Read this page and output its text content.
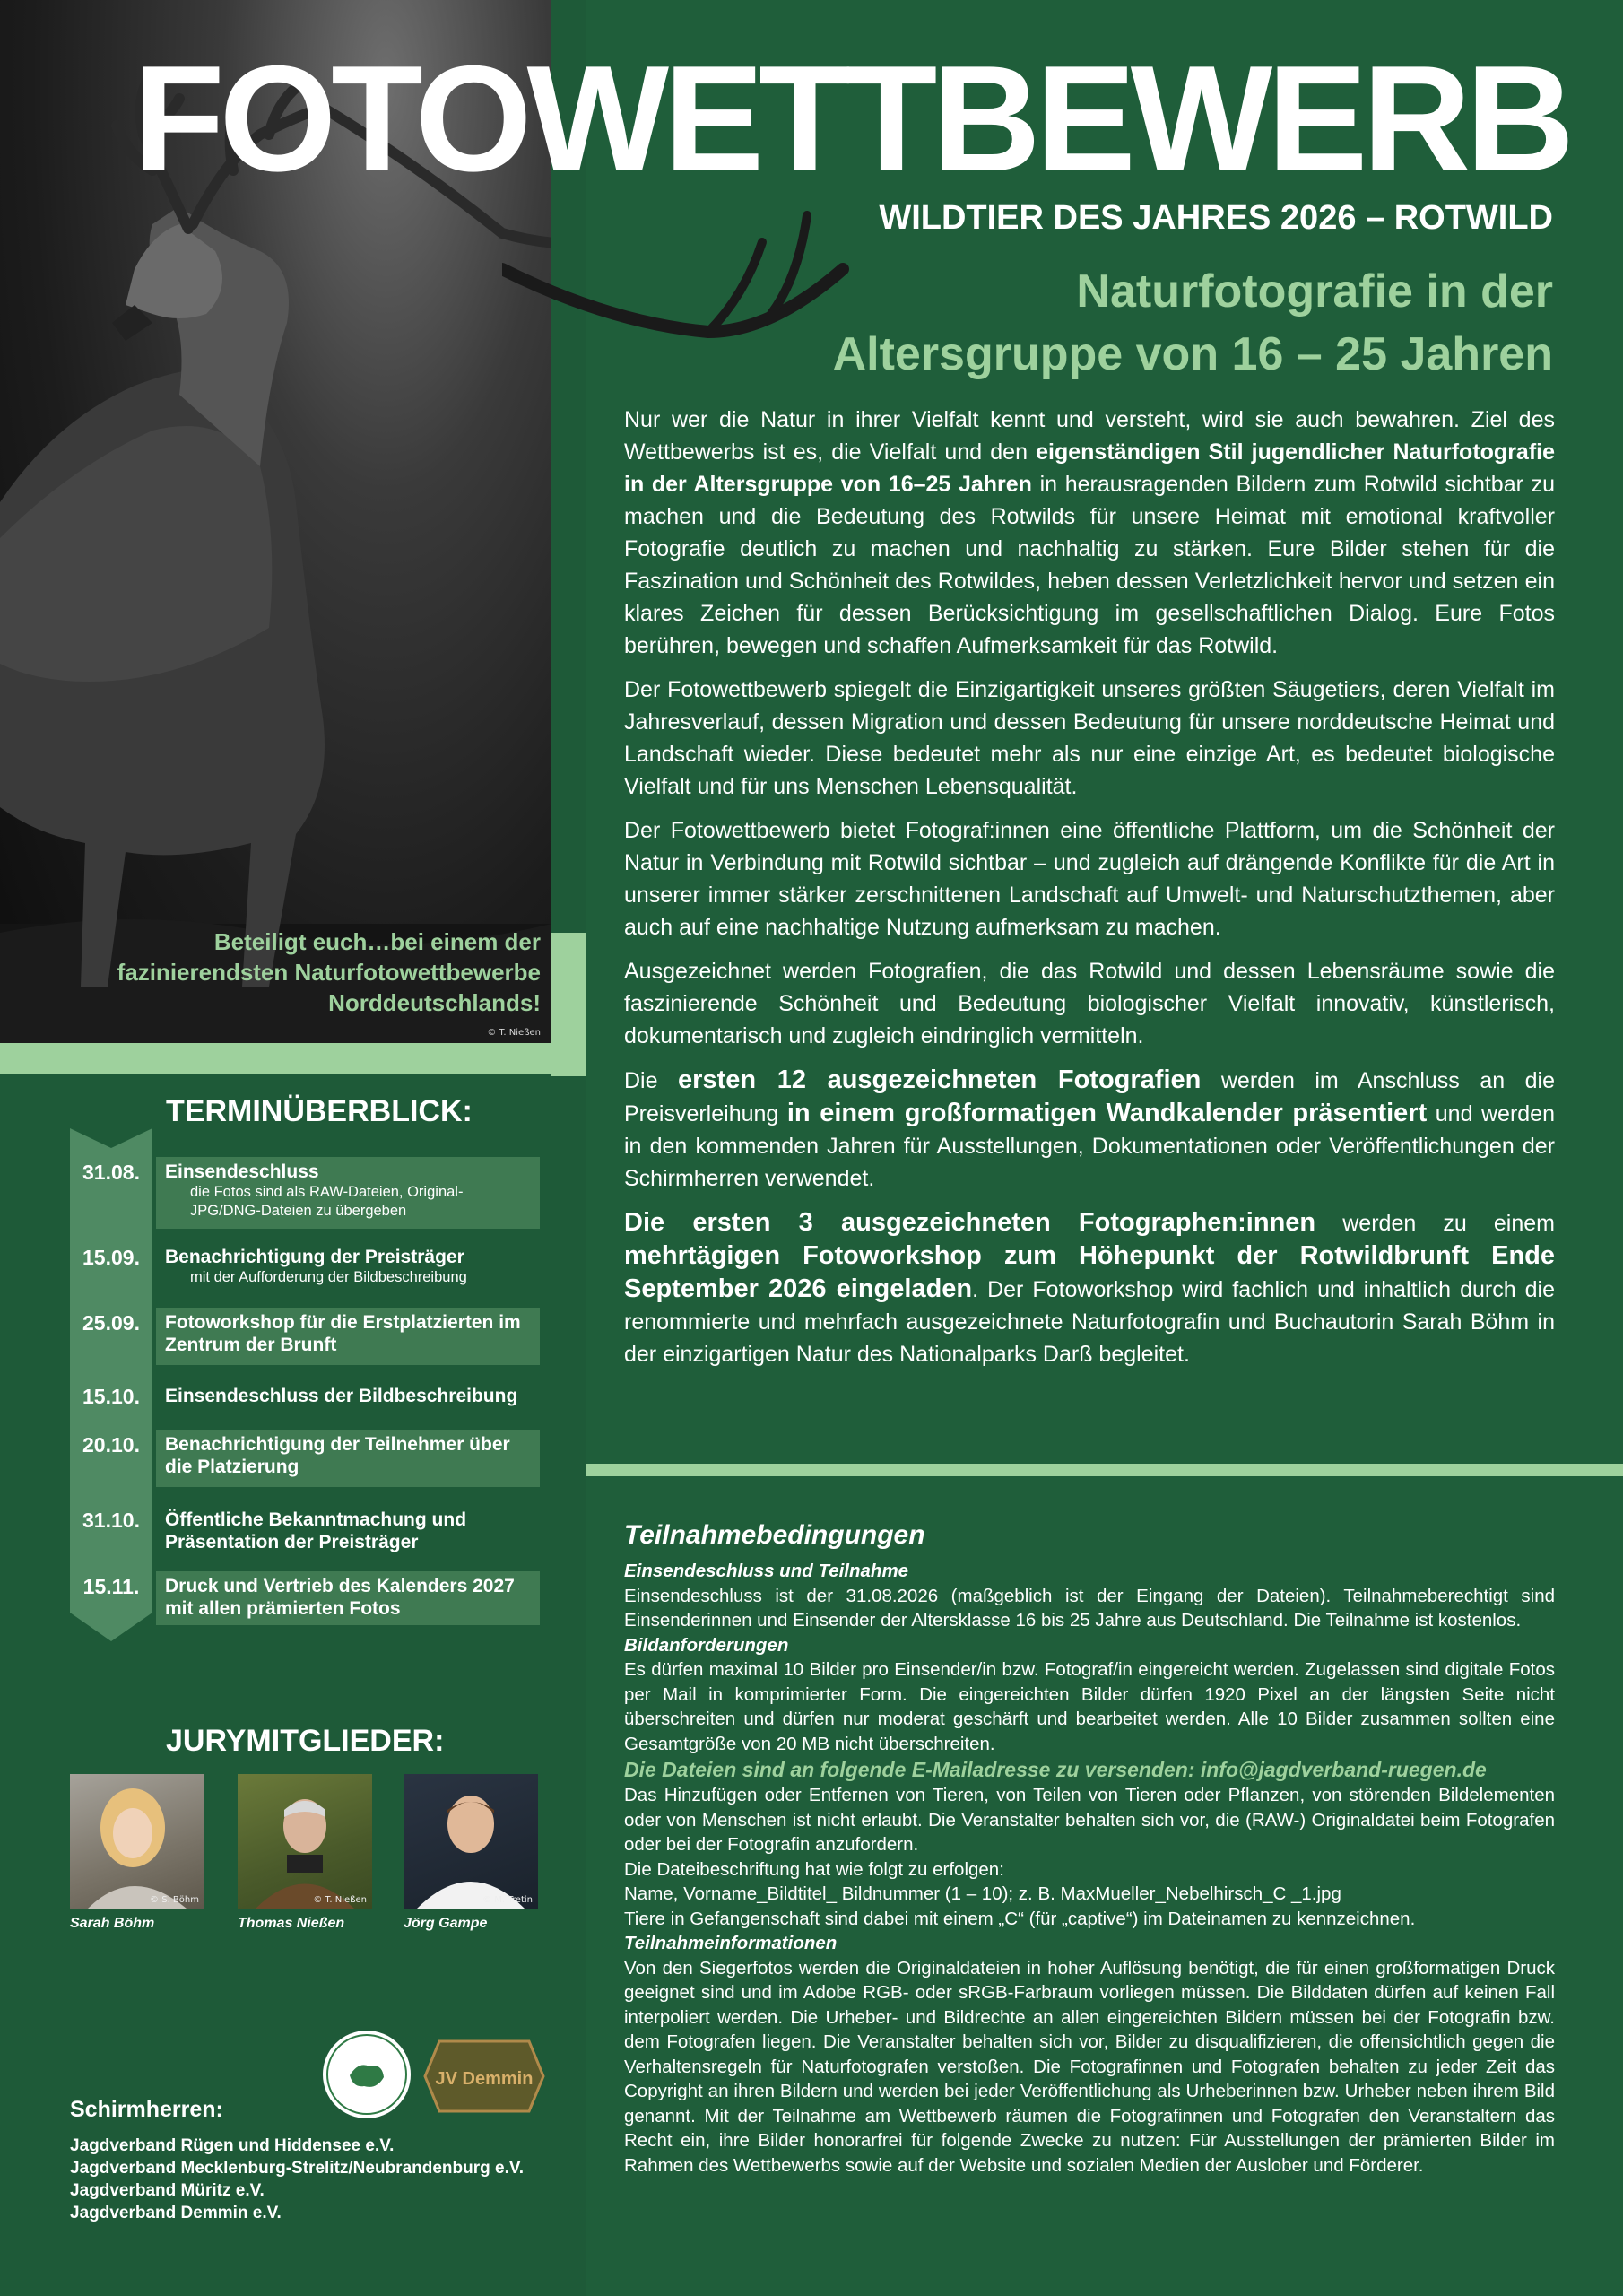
Beteiligt euch…bei einem der
fazinierendsten Naturfotowettbewerbe
Norddeutschlands!
© T. Nießen
FOTOWETTBEWERB
WILDTIER DES JAHRES 2026 – ROTWILD
Naturfotografie in der
Altersgruppe von 16 – 25 Jahren

Nur wer die Natur in ihrer Vielfalt kennt und versteht, wird sie auch bewahren. Ziel des Wettbewerbs ist es, die Vielfalt und den eigenständigen Stil jugendlicher Naturfotografie in der Altersgruppe von 16–25 Jahren in herausragenden Bildern zum Rotwild sichtbar zu machen und die Bedeutung des Rotwilds für unsere Heimat mit emotional kraftvoller Fotografie deutlich zu machen und nachhaltig zu stärken. Eure Bilder stehen für die Faszination und Schönheit des Rotwildes, heben dessen Verletzlichkeit hervor und setzen ein klares Zeichen für dessen Berücksichtigung im gesellschaftlichen Dialog. Eure Fotos berühren, bewegen und schaffen Aufmerksamkeit für das Rotwild.

Der Fotowettbewerb spiegelt die Einzigartigkeit unseres größten Säugetiers, deren Vielfalt im Jahresverlauf, dessen Migration und dessen Bedeutung für unsere norddeutsche Heimat und Landschaft wieder. Diese bedeutet mehr als nur eine einzige Art, es bedeutet biologische Vielfalt und für uns Menschen Lebensqualität.

Der Fotowettbewerb bietet Fotograf:innen eine öffentliche Plattform, um die Schönheit der Natur in Verbindung mit Rotwild sichtbar – und zugleich auf drängende Konflikte für die Art in unserer immer stärker zerschnittenen Landschaft auf Umwelt- und Naturschutzthemen, aber auch auf eine nachhaltige Nutzung aufmerksam zu machen.

Ausgezeichnet werden Fotografien, die das Rotwild und dessen Lebensräume sowie die faszinierende Schönheit und Bedeutung biologischer Vielfalt innovativ, künstlerisch, dokumentarisch und zugleich eindringlich vermitteln.

Die ersten 12 ausgezeichneten Fotografien werden im Anschluss an die Preisverleihung in einem großformatigen Wandkalender präsentiert und werden in den kommenden Jahren für Ausstellungen, Dokumentationen oder Veröffentlichungen der Schirmherren verwendet.

Die ersten 3 ausgezeichneten Fotographen:innen werden zu einem mehrtägigen Fotoworkshop zum Höhepunkt der Rotwildbrunft Ende September 2026 eingeladen. Der Fotoworkshop wird fachlich und inhaltlich durch die renommierte und mehrfach ausgezeichnete Naturfotografin und Buchautorin Sarah Böhm in der einzigartigen Natur des Nationalparks Darß begleitet.

Teilnahmebedingungen

Einsendeschluss und Teilnahme

Einsendeschluss ist der 31.08.2026 (maßgeblich ist der Eingang der Dateien). Teilnahmeberechtigt sind Einsenderinnen und Einsender der Altersklasse 16 bis 25 Jahre aus Deutschland. Die Teilnahme ist kostenlos.

Bildanforderungen

Es dürfen maximal 10 Bilder pro Einsender/in bzw. Fotograf/in eingereicht werden. Zugelassen sind digitale Fotos per Mail in komprimierter Form. Die eingereichten Bilder dürfen 1920 Pixel an der längsten Seite nicht überschreiten und dürfen nur moderat geschärft und bearbeitet werden. Alle 10 Bilder zusammen sollten eine Gesamtgröße von 20 MB nicht überschreiten.

Die Dateien sind an folgende E-Mailadresse zu versenden: info@jagdverband-ruegen.de

Das Hinzufügen oder Entfernen von Tieren, von Teilen von Tieren oder Pflanzen, von störenden Bildelementen oder von Menschen ist nicht erlaubt. Die Veranstalter behalten sich vor, die (RAW-) Originaldatei beim Fotografen oder bei der Fotografin anzufordern.

Die Dateibeschriftung hat wie folgt zu erfolgen:

Name, Vorname_Bildtitel_ Bildnummer (1 – 10); z. B. MaxMueller_Nebelhirsch_C _1.jpg

Tiere in Gefangenschaft sind dabei mit einem „C“ (für „captive“) im Dateinamen zu kennzeichnen.

Teilnahmeinformationen

Von den Siegerfotos werden die Originaldateien in hoher Auflösung benötigt, die für einen großformatigen Druck geeignet sind und im Adobe RGB- oder sRGB-Farbraum vorliegen müssen. Die Bilddaten dürfen auf keinen Fall interpoliert werden. Die Urheber- und Bildrechte an allen eingereichten Bildern müssen bei der Fotografin bzw. dem Fotografen liegen. Die Veranstalter behalten sich vor, Bilder zu disqualifizieren, die offensichtlich gegen die Verhaltensregeln für Naturfotografen verstoßen. Die Fotografinnen und Fotografen behalten zu jeder Zeit das Copyright an ihren Bildern und werden bei jeder Veröffentlichung als Urheberinnen bzw. Urheber neben ihrem Bild genannt. Mit der Teilnahme am Wettbewerb räumen die Fotografinnen und Fotografen den Veranstaltern das Recht ein, ihre Bilder honorarfrei für folgende Zwecke zu nutzen: Für Ausstellungen der prämierten Bilder im Rahmen des Wettbewerbs sowie auf der Website und sozialen Medien der Auslober und Förderer.

TERMINÜBERBLICK:
31.08.	Einsendeschluss
die Fotos sind als RAW-Dateien, Original-JPG/DNG-Dateien zu übergeben
15.09.	Benachrichtigung der Preisträger
mit der Aufforderung der Bildbeschreibung
25.09.	Fotoworkshop für die Erstplatzierten im Zentrum der Brunft
15.10.	Einsendeschluss der Bildbeschreibung
20.10.	Benachrichtigung der Teilnehmer über die Platzierung
31.10.	Öffentliche Bekanntmachung und Präsentation der Preisträger
15.11.	Druck und Vertrieb des Kalenders 2027 mit allen prämierten Fotos
JURYMITGLIEDER:
© S. Böhm	© T. Nießen	© M. Tretin
Sarah Böhm	Thomas Nießen	Jörg Gampe
JV Demmin
Schirmherren:
Jagdverband Rügen und Hiddensee e.V.
Jagdverband Mecklenburg-Strelitz/Neubrandenburg e.V.
Jagdverband Müritz e.V.
Jagdverband Demmin e.V.
